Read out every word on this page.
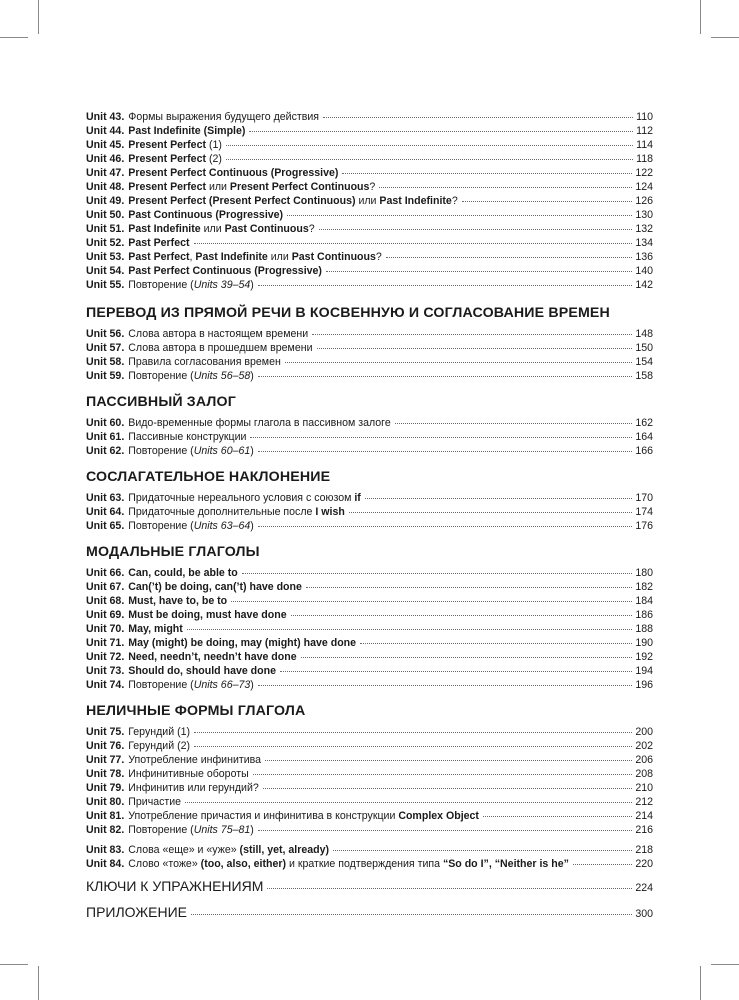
Unit 43. Формы выражения будущего действия	110
Unit 44. Past Indefinite (Simple)	112
Unit 45. Present Perfect (1)	114
Unit 46. Present Perfect (2)	118
Unit 47. Present Perfect Continuous (Progressive)	122
Unit 48. Present Perfect или Present Perfect Continuous?	124
Unit 49. Present Perfect (Present Perfect Continuous) или Past Indefinite?	126
Unit 50. Past Continuous (Progressive)	130
Unit 51. Past Indefinite или Past Continuous?	132
Unit 52. Past Perfect	134
Unit 53. Past Perfect, Past Indefinite или Past Continuous?	136
Unit 54. Past Perfect Continuous (Progressive)	140
Unit 55. Повторение (Units 39–54)	142
ПЕРЕВОД ИЗ ПРЯМОЙ РЕЧИ В КОСВЕННУЮ И СОГЛАСОВАНИЕ ВРЕМЕН
Unit 56. Слова автора в настоящем времени	148
Unit 57. Слова автора в прошедшем времени	150
Unit 58. Правила согласования времен	154
Unit 59. Повторение (Units 56–58)	158
ПАССИВНЫЙ ЗАЛОГ
Unit 60. Видо-временные формы глагола в пассивном залоге	162
Unit 61. Пассивные конструкции	164
Unit 62. Повторение (Units 60–61)	166
СОСЛАГАТЕЛЬНОЕ НАКЛОНЕНИЕ
Unit 63. Придаточные нереального условия с союзом if	170
Unit 64. Придаточные дополнительные после I wish	174
Unit 65. Повторение (Units 63–64)	176
МОДАЛЬНЫЕ ГЛАГОЛЫ
Unit 66. Can, could, be able to	180
Unit 67. Can(’t) be doing, can(’t) have done	182
Unit 68. Must, have to, be to	184
Unit 69. Must be doing, must have done	186
Unit 70. May, might	188
Unit 71. May (might) be doing, may (might) have done	190
Unit 72. Need, needn’t, needn’t have done	192
Unit 73. Should do, should have done	194
Unit 74. Повторение (Units 66–73)	196
НЕЛИЧНЫЕ ФОРМЫ ГЛАГОЛА
Unit 75. Герундий (1)	200
Unit 76. Герундий (2)	202
Unit 77. Употребление инфинитива	206
Unit 78. Инфинитивные обороты	208
Unit 79. Инфинитив или герундий?	210
Unit 80. Причастие	212
Unit 81. Употребление причастия и инфинитива в конструкции Complex Object	214
Unit 82. Повторение (Units 75–81)	216
Unit 83. Слова «еще» и «уже» (still, yet, already)	218
Unit 84. Слово «тоже» (too, also, either) и краткие подтверждения типа “So do I”, “Neither is he”	220
КЛЮЧИ К УПРАЖНЕНИЯМ	224
ПРИЛОЖЕНИЕ	300
